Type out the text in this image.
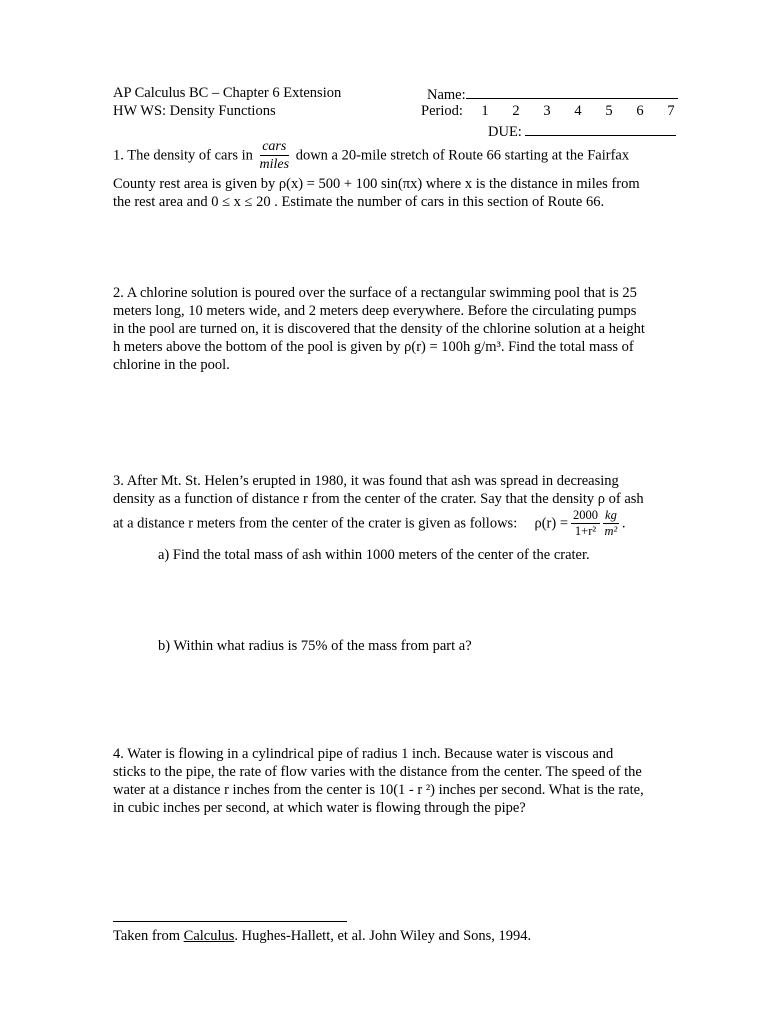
AP Calculus BC – Chapter 6 Extension
HW WS: Density Functions
Name:
Period: 1 2 3 4 5 6 7
DUE:
1. The density of cars in $\frac{\text{cars}}{\text{miles}}$ down a 20-mile stretch of Route 66 starting at the Fairfax
County rest area is given by ρ(x) = 500 + 100 sin(πx) where x is the distance in miles from
the rest area and 0 ≤ x ≤ 20 . Estimate the number of cars in this section of Route 66.
2. A chlorine solution is poured over the surface of a rectangular swimming pool that is 25
meters long, 10 meters wide, and 2 meters deep everywhere. Before the circulating pumps
in the pool are turned on, it is discovered that the density of the chlorine solution at a height
h meters above the bottom of the pool is given by ρ(r) = 100h g/m³. Find the total mass of
chlorine in the pool.
3. After Mt. St. Helen’s erupted in 1980, it was found that ash was spread in decreasing
density as a function of distance r from the center of the crater. Say that the density ρ of ash
at a distance r meters from the center of the crater is given as follows: $\rho(r) = \frac{2000}{\text{1+r²}} \frac{kg}{\text{m²}}$ .
a) Find the total mass of ash within 1000 meters of the center of the crater.
b) Within what radius is 75% of the mass from part a?
4. Water is flowing in a cylindrical pipe of radius 1 inch. Because water is viscous and
sticks to the pipe, the rate of flow varies with the distance from the center. The speed of the
water at a distance r inches from the center is 10(1 - r ²) inches per second. What is the rate,
in cubic inches per second, at which water is flowing through the pipe?
Taken from Calculus. Hughes-Hallett, et al. John Wiley and Sons, 1994.
